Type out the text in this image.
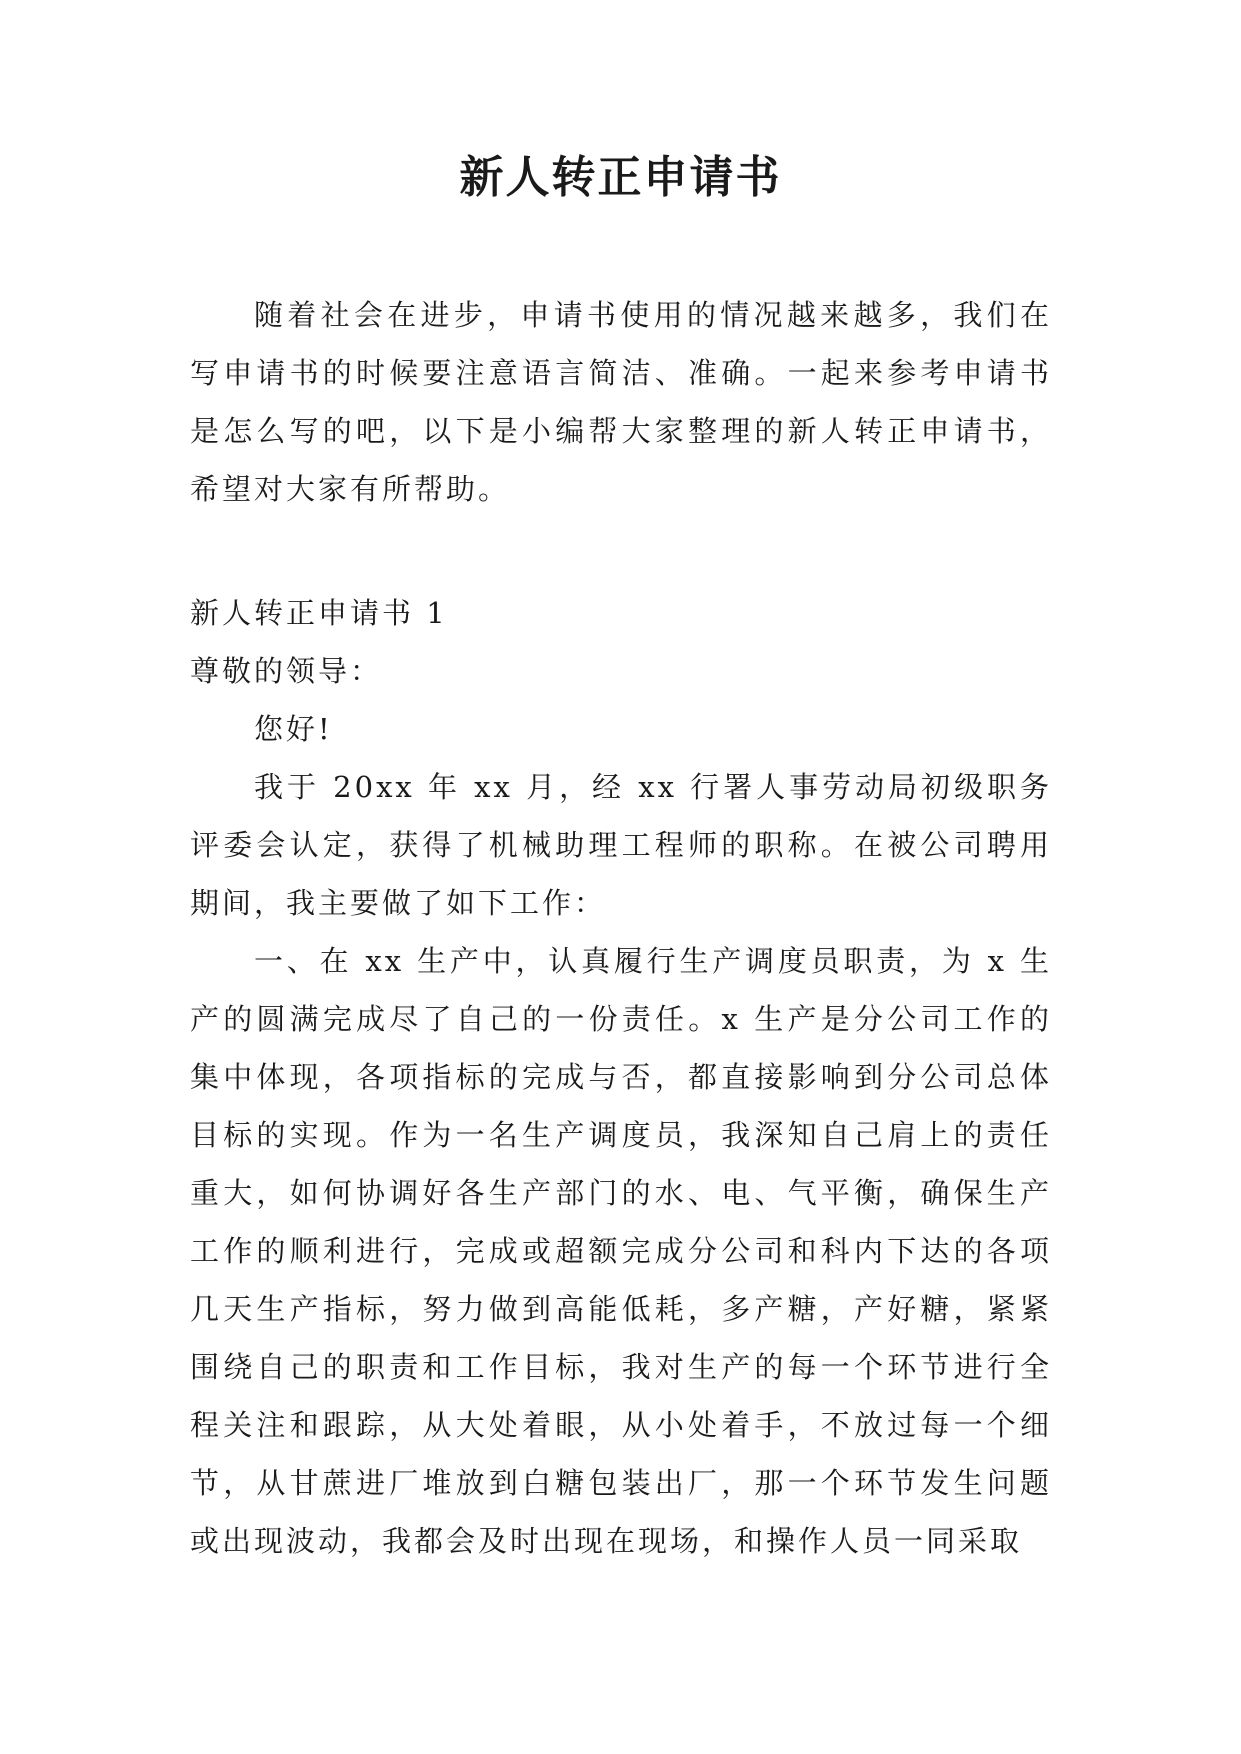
新人转正申请书

随着社会在进步，申请书使用的情况越来越多，我们在写申请书的时候要注意语言简洁、准确。一起来参考申请书是怎么写的吧，以下是小编帮大家整理的新人转正申请书，希望对大家有所帮助。

新人转正申请书 1

尊敬的领导：

您好!

我于 20xx 年 xx 月，经 xx 行署人事劳动局初级职务评委会认定，获得了机械助理工程师的职称。在被公司聘用期间，我主要做了如下工作：

一、在 xx 生产中，认真履行生产调度员职责，为 x 生产的圆满完成尽了自己的一份责任。x 生产是分公司工作的集中体现，各项指标的完成与否，都直接影响到分公司总体目标的实现。作为一名生产调度员，我深知自己肩上的责任重大，如何协调好各生产部门的水、电、气平衡，确保生产工作的顺利进行，完成或超额完成分公司和科内下达的各项几天生产指标，努力做到高能低耗，多产糖，产好糖，紧紧围绕自己的职责和工作目标，我对生产的每一个环节进行全程关注和跟踪，从大处着眼，从小处着手，不放过每一个细节，从甘蔗进厂堆放到白糖包装出厂，那一个环节发生问题或出现波动，我都会及时出现在现场，和操作人员一同采取
